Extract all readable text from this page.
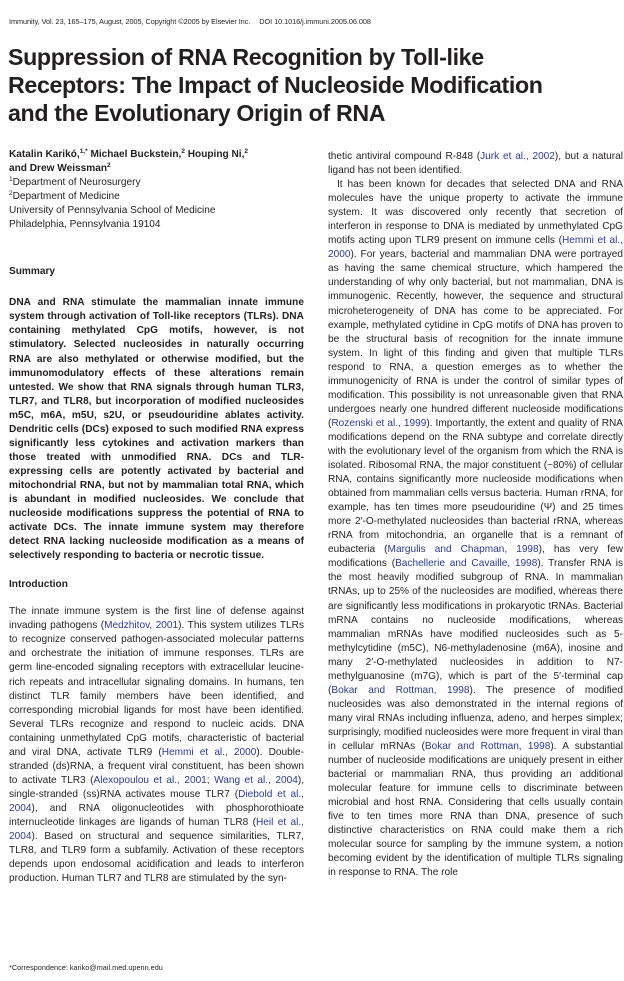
Immunity, Vol. 23, 165–175, August, 2005, Copyright ©2005 by Elsevier Inc. DOI 10.1016/j.immuni.2005.06.008
Suppression of RNA Recognition by Toll-like
Receptors: The Impact of Nucleoside Modification
and the Evolutionary Origin of RNA

Katalin Karikó,$^{1,*}$ Michael Buckstein,$^2$ Houping Ni,$^2$
and Drew Weissman$^2$

$^1$Department of Neurosurgery
$^2$Department of Medicine
University of Pennsylvania School of Medicine
Philadelphia, Pennsylvania 19104

Summary

DNA and RNA stimulate the mammalian innate immune system through activation of Toll-like receptors (TLRs). DNA containing methylated CpG motifs, however, is not stimulatory. Selected nucleosides in naturally occurring RNA are also methylated or otherwise modified, but the immunomodulatory effects of these alterations remain untested. We show that RNA signals through human TLR3, TLR7, and TLR8, but incorporation of modified nucleosides m5C, m6A, m5U, s2U, or pseudouridine ablates activity. Dendritic cells (DCs) exposed to such modified RNA express significantly less cytokines and activation markers than those treated with unmodified RNA. DCs and TLR-expressing cells are potently activated by bacterial and mitochondrial RNA, but not by mammalian total RNA, which is abundant in modified nucleosides. We conclude that nucleoside modifications suppress the potential of RNA to activate DCs. The innate immune system may therefore detect RNA lacking nucleoside modification as a means of selectively responding to bacteria or necrotic tissue.

Introduction

The innate immune system is the first line of defense against invading pathogens (Medzhitov, 2001). This system utilizes TLRs to recognize conserved pathogen-associated molecular patterns and orchestrate the initiation of immune responses. TLRs are germ line-encoded signaling receptors with extracellular leucine-rich repeats and intracellular signaling domains. In humans, ten distinct TLR family members have been identified, and corresponding microbial ligands for most have been identified. Several TLRs recognize and respond to nucleic acids. DNA containing unmethylated CpG motifs, characteristic of bacterial and viral DNA, activate TLR9 (Hemmi et al., 2000). Double-stranded (ds)RNA, a frequent viral constituent, has been shown to activate TLR3 (Alexopoulou et al., 2001; Wang et al., 2004), single-stranded (ss)RNA activates mouse TLR7 (Diebold et al., 2004), and RNA oligonucleotides with phosphorothioate internucleotide linkages are ligands of human TLR8 (Heil et al., 2004). Based on structural and sequence similarities, TLR7, TLR8, and TLR9 form a subfamily. Activation of these receptors depends upon endosomal acidification and leads to interferon production. Human TLR7 and TLR8 are stimulated by the syn-

thetic antiviral compound R-848 (Jurk et al., 2002), but a natural ligand has not been identified.

It has been known for decades that selected DNA and RNA molecules have the unique property to activate the immune system. It was discovered only recently that secretion of interferon in response to DNA is mediated by unmethylated CpG motifs acting upon TLR9 present on immune cells (Hemmi et al., 2000). For years, bacterial and mammalian DNA were portrayed as having the same chemical structure, which hampered the understanding of why only bacterial, but not mammalian, DNA is immunogenic. Recently, however, the sequence and structural microheterogeneity of DNA has come to be appreciated. For example, methylated cytidine in CpG motifs of DNA has proven to be the structural basis of recognition for the innate immune system. In light of this finding and given that multiple TLRs respond to RNA, a question emerges as to whether the immunogenicity of RNA is under the control of similar types of modification. This possibility is not unreasonable given that RNA undergoes nearly one hundred different nucleoside modifications (Rozenski et al., 1999). Importantly, the extent and quality of RNA modifications depend on the RNA subtype and correlate directly with the evolutionary level of the organism from which the RNA is isolated. Ribosomal RNA, the major constituent (~80%) of cellular RNA, contains significantly more nucleoside modifications when obtained from mammalian cells versus bacteria. Human rRNA, for example, has ten times more pseudouridine (Ψ) and 25 times more 2′-O-methylated nucleosides than bacterial rRNA, whereas rRNA from mitochondria, an organelle that is a remnant of eubacteria (Margulis and Chapman, 1998), has very few modifications (Bachellerie and Cavaille, 1998). Transfer RNA is the most heavily modified subgroup of RNA. In mammalian tRNAs, up to 25% of the nucleosides are modified, whereas there are significantly less modifications in prokaryotic tRNAs. Bacterial mRNA contains no nucleoside modifications, whereas mammalian mRNAs have modified nucleosides such as 5-methylcytidine (m5C), N6-methyladenosine (m6A), inosine and many 2′-O-methylated nucleosides in addition to N7-methylguanosine (m7G), which is part of the 5′-terminal cap (Bokar and Rottman, 1998). The presence of modified nucleosides was also demonstrated in the internal regions of many viral RNAs including influenza, adeno, and herpes simplex; surprisingly, modified nucleosides were more frequent in viral than in cellular mRNAs (Bokar and Rottman, 1998). A substantial number of nucleoside modifications are uniquely present in either bacterial or mammalian RNA, thus providing an additional molecular feature for immune cells to discriminate between microbial and host RNA. Considering that cells usually contain five to ten times more RNA than DNA, presence of such distinctive characteristics on RNA could make them a rich molecular source for sampling by the immune system, a notion becoming evident by the identification of multiple TLRs signaling in response to RNA. The role

*Correspondence: kariko@mail.med.upenn.edu
